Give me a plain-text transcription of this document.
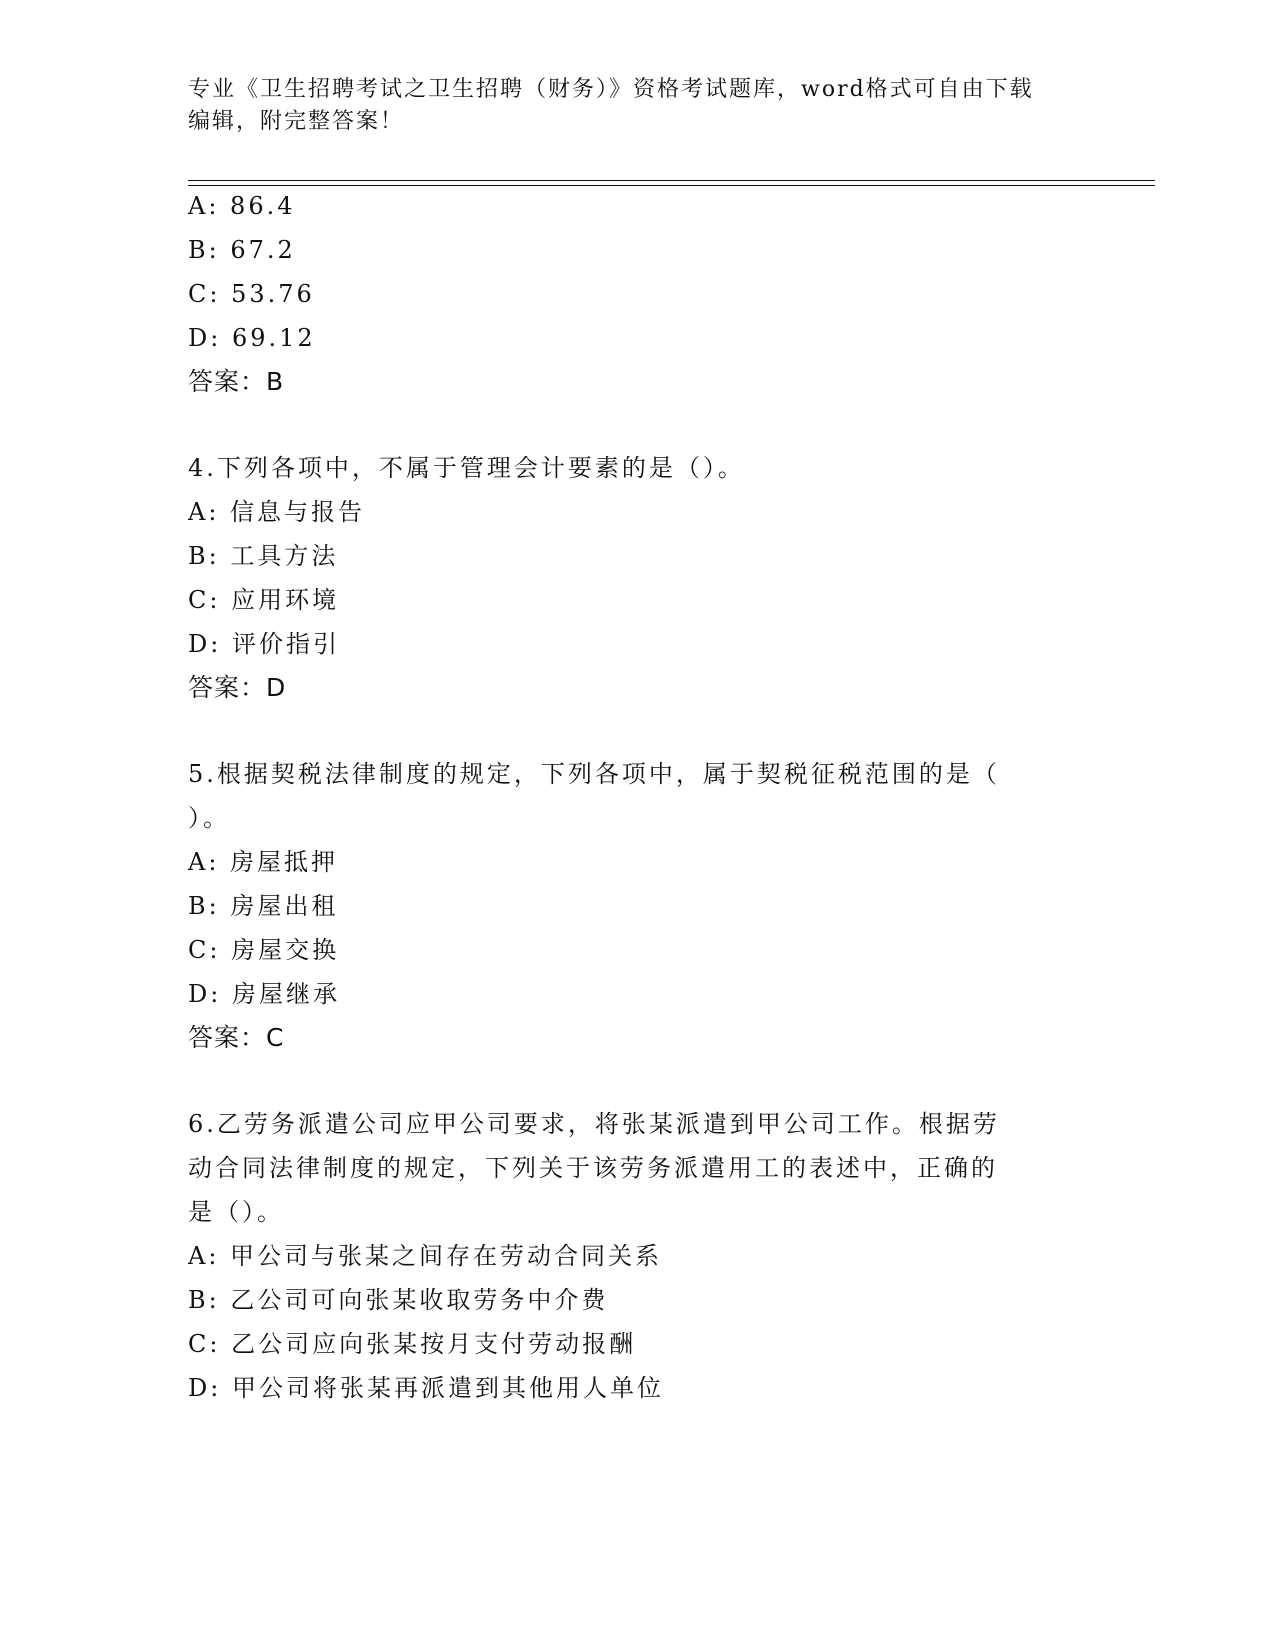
专业《卫生招聘考试之卫生招聘（财务）》资格考试题库，word格式可自由下载

编辑，附完整答案！

A: 86.4
B: 67.2
C: 53.76
D: 69.12
答案：B
4.下列各项中，不属于管理会计要素的是（）。
A: 信息与报告
B: 工具方法
C: 应用环境
D: 评价指引
答案：D
5.根据契税法律制度的规定，下列各项中，属于契税征税范围的是（
）。
A: 房屋抵押
B: 房屋出租
C: 房屋交换
D: 房屋继承
答案：C
6.乙劳务派遣公司应甲公司要求，将张某派遣到甲公司工作。根据劳
动合同法律制度的规定，下列关于该劳务派遣用工的表述中，正确的
是（）。
A: 甲公司与张某之间存在劳动合同关系
B: 乙公司可向张某收取劳务中介费
C: 乙公司应向张某按月支付劳动报酬
D: 甲公司将张某再派遣到其他用人单位
